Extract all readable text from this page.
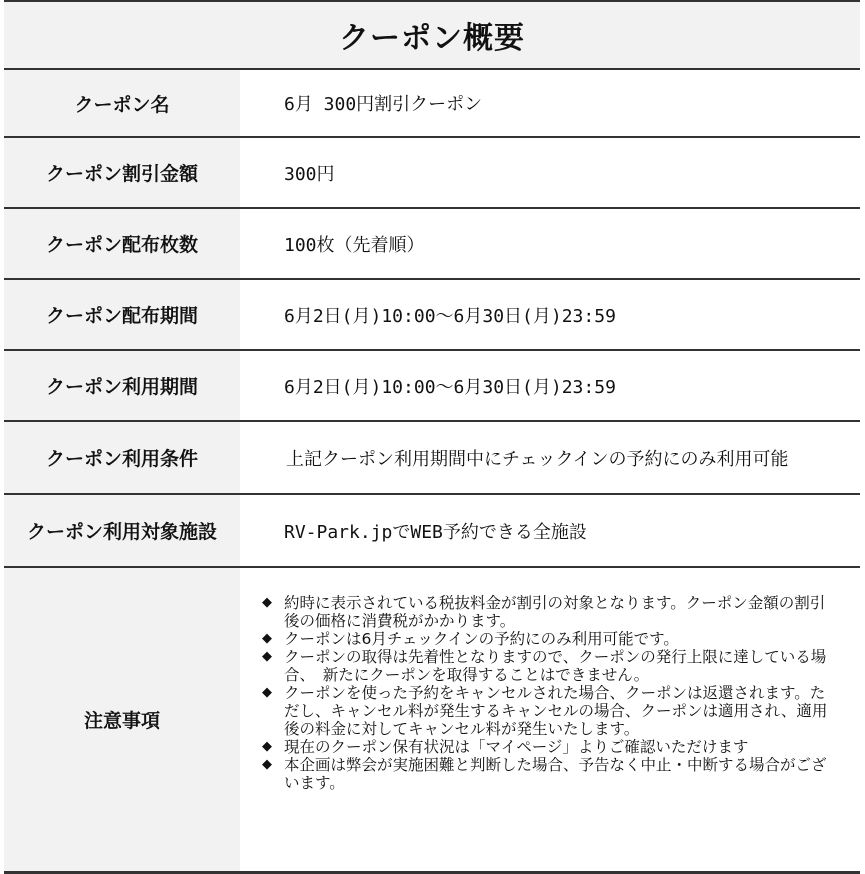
クーポン概要
クーポン名	6月 300円割引クーポン
クーポン割引金額	300円
クーポン配布枚数	100枚（先着順）
クーポン配布期間	6月2日(月)10:00～6月30日(月)23:59
クーポン利用期間	6月2日(月)10:00～6月30日(月)23:59
クーポン利用条件	上記クーポン利用期間中にチェックインの予約にのみ利用可能
クーポン利用対象施設	RV-Park.jpでWEB予約できる全施設
注意事項
◆ 約時に表示されている税抜料金が割引の対象となります。クーポン金額の割引後の価格に消費税がかかります。
◆ クーポンは6月チェックインの予約にのみ利用可能です。
◆ クーポンの取得は先着性となりますので、クーポンの発行上限に達している場合、　新たにクーポンを取得することはできません。
◆ クーポンを使った予約をキャンセルされた場合、クーポンは返還されます。ただし、キャンセル料が発生するキャンセルの場合、クーポンは適用され、適用後の料金に対してキャンセル料が発生いたします。
◆ 現在のクーポン保有状況は「マイページ」よりご確認いただけます
◆ 本企画は弊会が実施困難と判断した場合、予告なく中止・中断する場合がございます。
